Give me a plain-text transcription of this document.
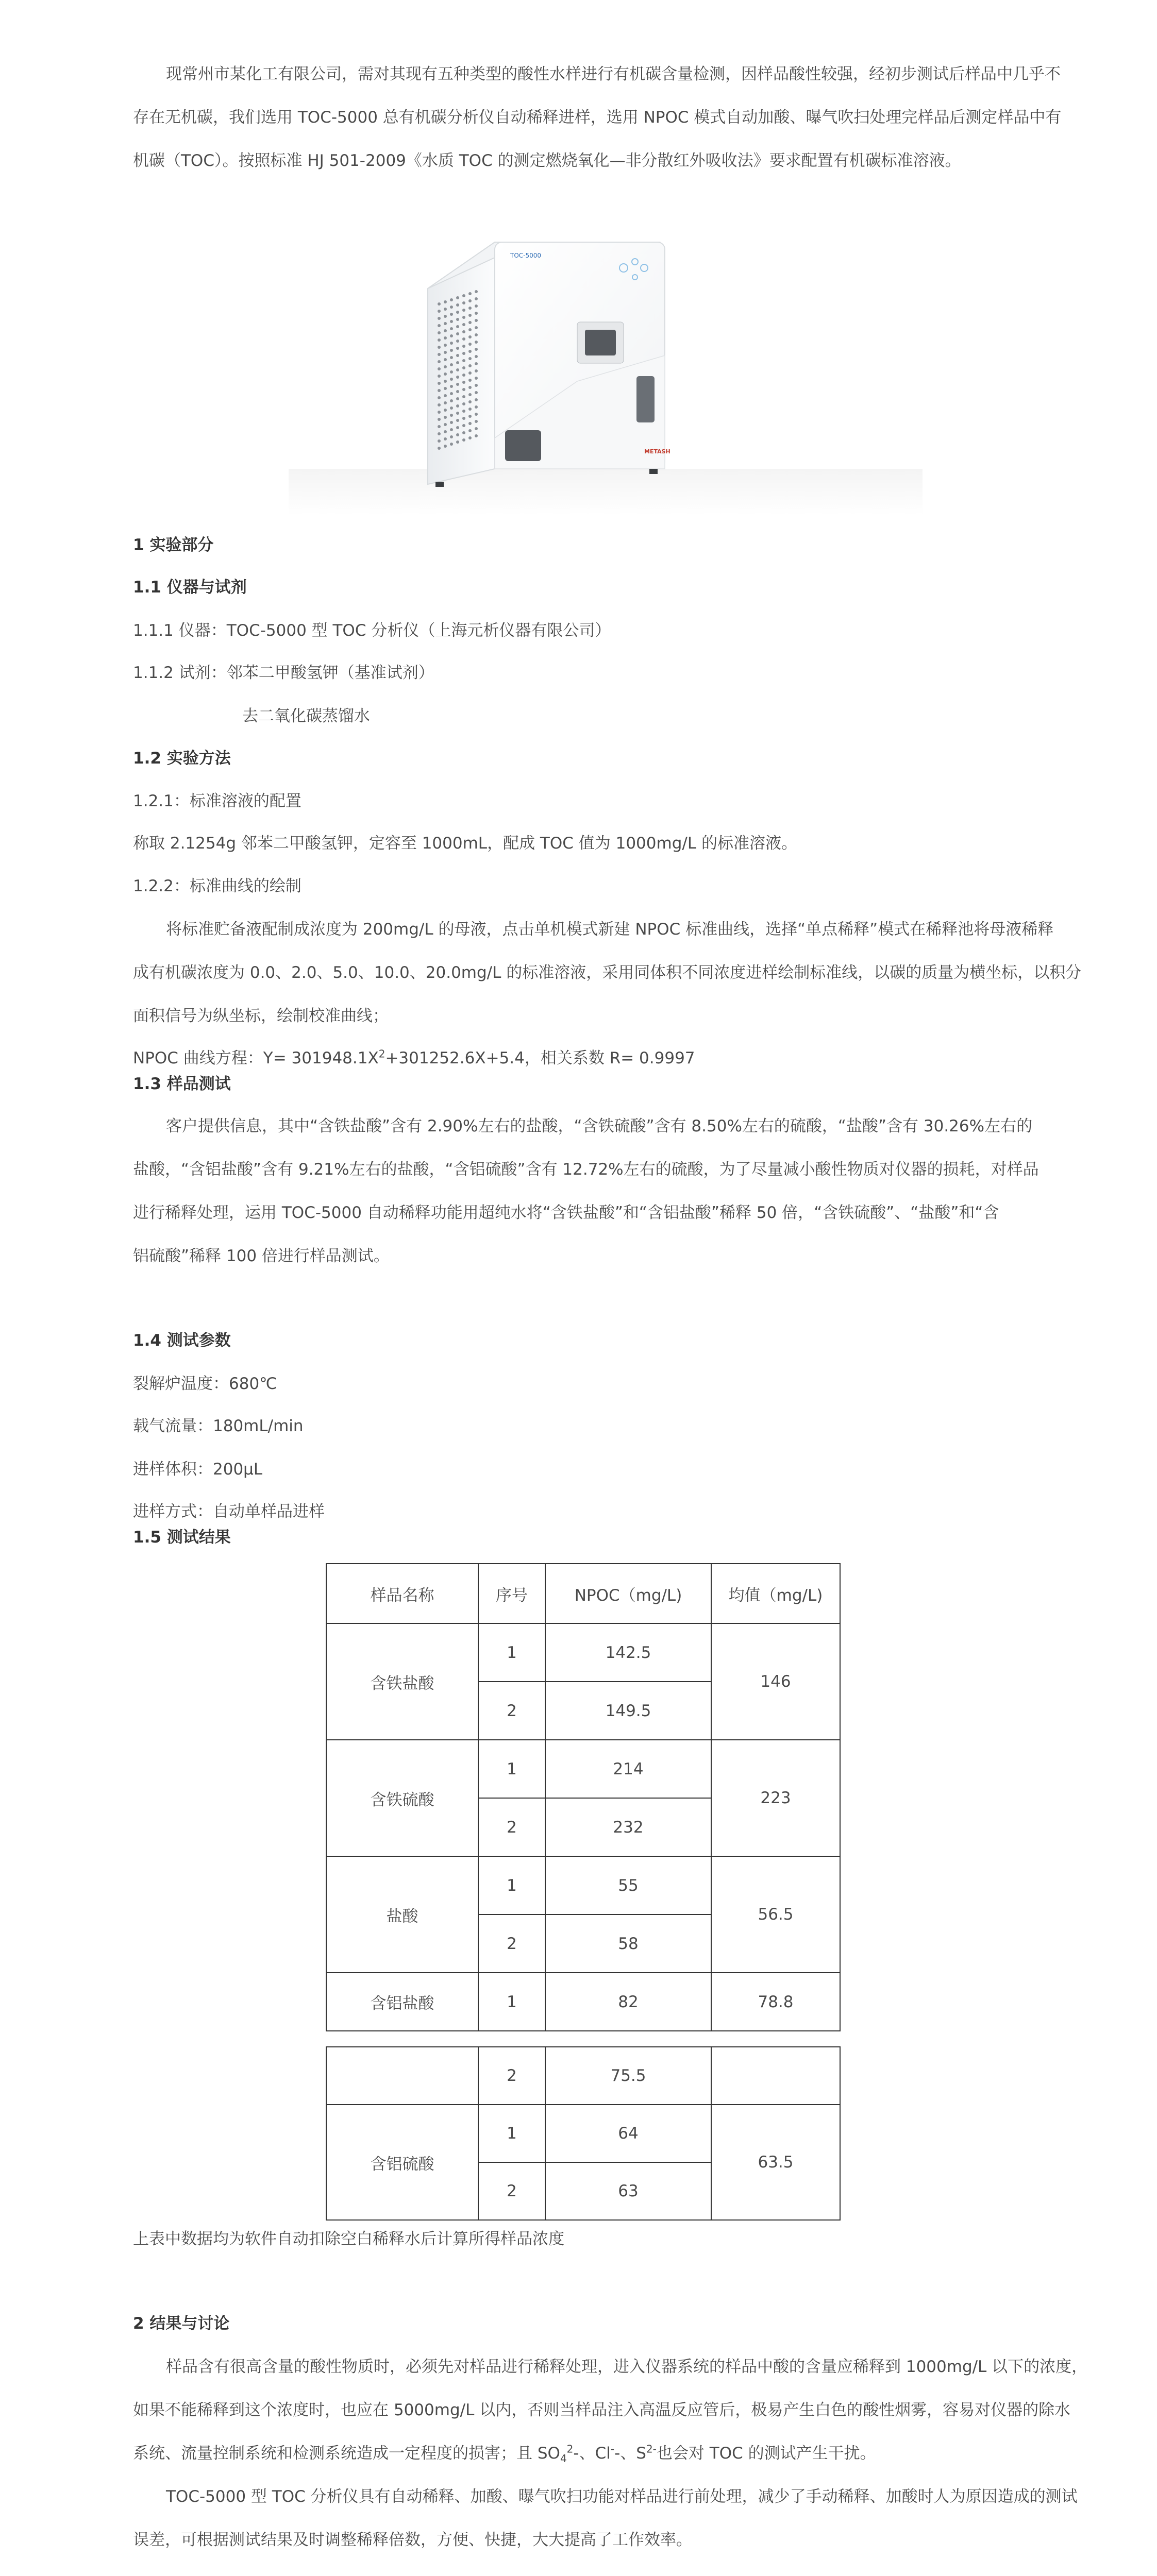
现常州市某化工有限公司，需对其现有五种类型的酸性水样进行有机碳含量检测，因样品酸性较强，经初步测试后样品中几乎不
存在无机碳，我们选用 TOC-5000 总有机碳分析仪自动稀释进样，选用 NPOC 模式自动加酸、曝气吹扫处理完样品后测定样品中有
机碳（TOC）。按照标准 HJ 501-2009《水质 TOC 的测定燃烧氧化—非分散红外吸收法》要求配置有机碳标准溶液。
TOC-5000
METASH
1 实验部分
1.1 仪器与试剂
1.1.1 仪器：TOC-5000 型 TOC 分析仪（上海元析仪器有限公司）
1.1.2 试剂：邻苯二甲酸氢钾（基准试剂）
去二氧化碳蒸馏水
1.2 实验方法
1.2.1：标准溶液的配置
称取 2.1254g 邻苯二甲酸氢钾，定容至 1000mL，配成 TOC 值为 1000mg/L 的标准溶液。
1.2.2：标准曲线的绘制
将标准贮备液配制成浓度为 200mg/L 的母液，点击单机模式新建 NPOC 标准曲线，选择“单点稀释”模式在稀释池将母液稀释
成有机碳浓度为 0.0、2.0、5.0、10.0、20.0mg/L 的标准溶液，采用同体积不同浓度进样绘制标准线，以碳的质量为横坐标，以积分
面积信号为纵坐标，绘制校准曲线；
NPOC 曲线方程：$Y= 301948.1X^2+301252.6X+5.4$，相关系数 R= 0.9997
1.3 样品测试
客户提供信息，其中“含铁盐酸”含有 2.90%左右的盐酸，“含铁硫酸”含有 8.50%左右的硫酸，“盐酸”含有 30.26%左右的
盐酸，“含铝盐酸”含有 9.21%左右的盐酸，“含铝硫酸”含有 12.72%左右的硫酸，为了尽量减小酸性物质对仪器的损耗，对样品
进行稀释处理，运用 TOC-5000 自动稀释功能用超纯水将“含铁盐酸”和“含铝盐酸”稀释 50 倍，“含铁硫酸”、“盐酸”和“含
铝硫酸”稀释 100 倍进行样品测试。
1.4 测试参数
裂解炉温度：680℃
载气流量：180mL/min
进样体积：200μL
进样方式：自动单样品进样
1.5 测试结果
样品名称	序号	NPOC（mg/L)	均值（mg/L)
含铁盐酸	1	142.5	146
	2	149.5	
含铁硫酸	1	214	223
	2	232	
盐酸	1	55	56.5
	2	58	
含铝盐酸	1	82	78.8
	2	75.5	
含铝硫酸	1	64	63.5
	2	63	
上表中数据均为软件自动扣除空白稀释水后计算所得样品浓度
2 结果与讨论
样品含有很高含量的酸性物质时，必须先对样品进行稀释处理，进入仪器系统的样品中酸的含量应稀释到 1000mg/L 以下的浓度，
如果不能稀释到这个浓度时，也应在 5000mg/L 以内，否则当样品注入高温反应管后，极易产生白色的酸性烟雾，容易对仪器的除水
系统、流量控制系统和检测系统造成一定程度的损害；且 $SO_4^2-$、Cl--、$S^{2-}$也会对 TOC 的测试产生干扰。
TOC-5000 型 TOC 分析仪具有自动稀释、加酸、曝气吹扫功能对样品进行前处理，减少了手动稀释、加酸时人为原因造成的测试
误差，可根据测试结果及时调整稀释倍数，方便、快捷，大大提高了工作效率。
